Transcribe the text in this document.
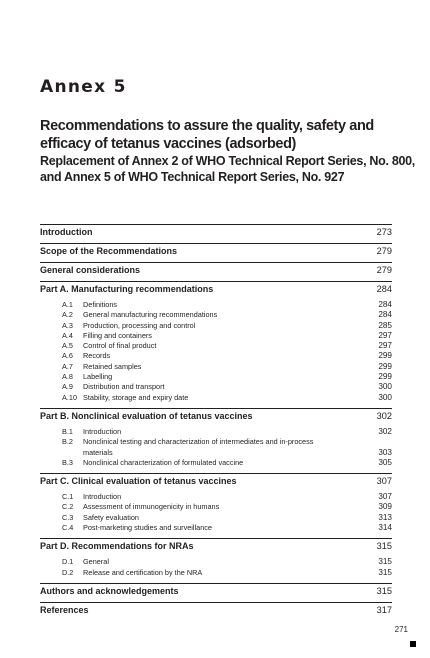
Annex 5
Recommendations to assure the quality, safety and efficacy of tetanus vaccines (adsorbed)
Replacement of Annex 2 of WHO Technical Report Series, No. 800, and Annex 5 of WHO Technical Report Series, No. 927
Introduction	273
Scope of the Recommendations	279
General considerations	279
Part A. Manufacturing recommendations	284
A.1	Definitions	284
A.2	General manufacturing recommendations	284
A.3	Production, processing and control	285
A.4	Filling and containers	297
A.5	Control of final product	297
A.6	Records	299
A.7	Retained samples	299
A.8	Labelling	299
A.9	Distribution and transport	300
A.10 Stability, storage and expiry date	300
Part B. Nonclinical evaluation of tetanus vaccines	302
B.1	Introduction	302
B.2	Nonclinical testing and characterization of intermediates and in-process materials	303
B.3	Nonclinical characterization of formulated vaccine	305
Part C. Clinical evaluation of tetanus vaccines	307
C.1	Introduction	307
C.2	Assessment of immunogenicity in humans	309
C.3	Safety evaluation	313
C.4	Post-marketing studies and surveillance	314
Part D. Recommendations for NRAs	315
D.1	General	315
D.2	Release and certification by the NRA	315
Authors and acknowledgements	315
References	317
271
